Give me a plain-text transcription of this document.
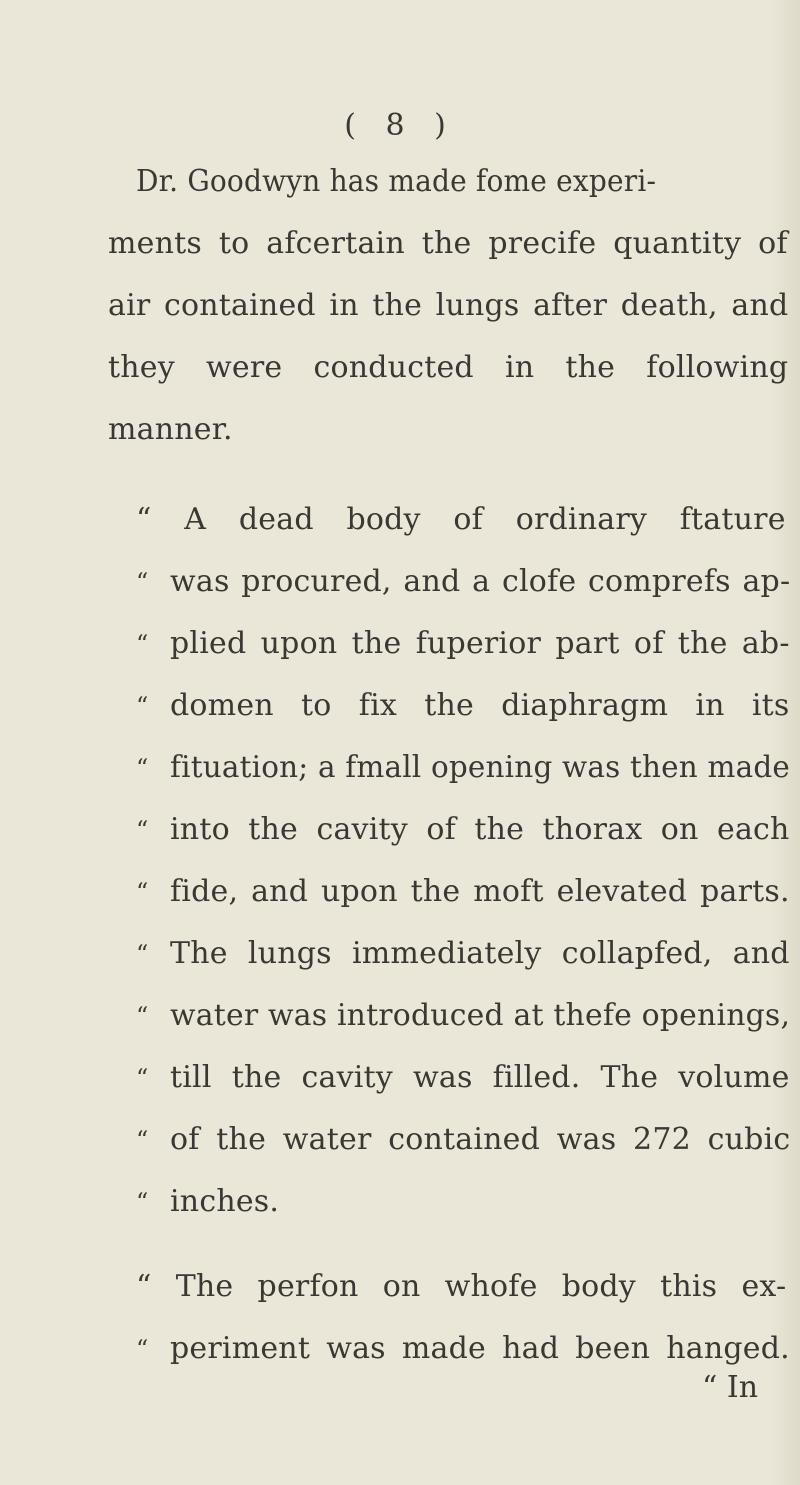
( 8 )
Dr. Goodwyn has made fome experi-
ments to afcertain the precife quantity of
air contained in the lungs after death, and
they were conducted in the following
manner.
“ A dead body of ordinary ftature
“ was procured, and a clofe comprefs ap-
“ plied upon the fuperior part of the ab-
“ domen to fix the diaphragm in its
“ fituation; a fmall opening was then made
“ into the cavity of the thorax on each
“ fide, and upon the moft elevated parts.
“ The lungs immediately collapfed, and
“ water was introduced at thefe openings,
“ till the cavity was filled. The volume
“ of the water contained was 272 cubic
“ inches.
“ The perfon on whofe body this ex-
“ periment was made had been hanged.
“ In
